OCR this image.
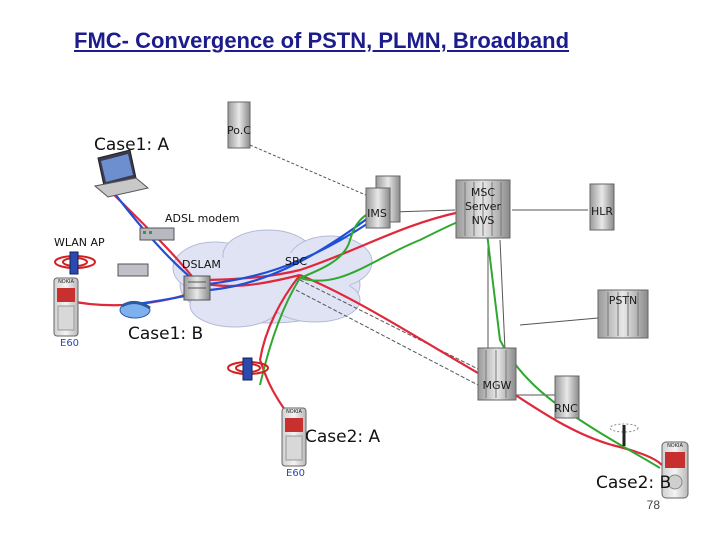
FMC- Convergence of PSTN, PLMN, Broadband
Case1: A
Case1: B
Case2: A
Case2: B
ADSL modem
WLAN AP
DSLAM	SBC
E60
E60
Po.C
IMS
MSC
Server
NVS
HLR
PSTN
MGW
RNC
NOKIA
NOKIA
NOKIA
78
